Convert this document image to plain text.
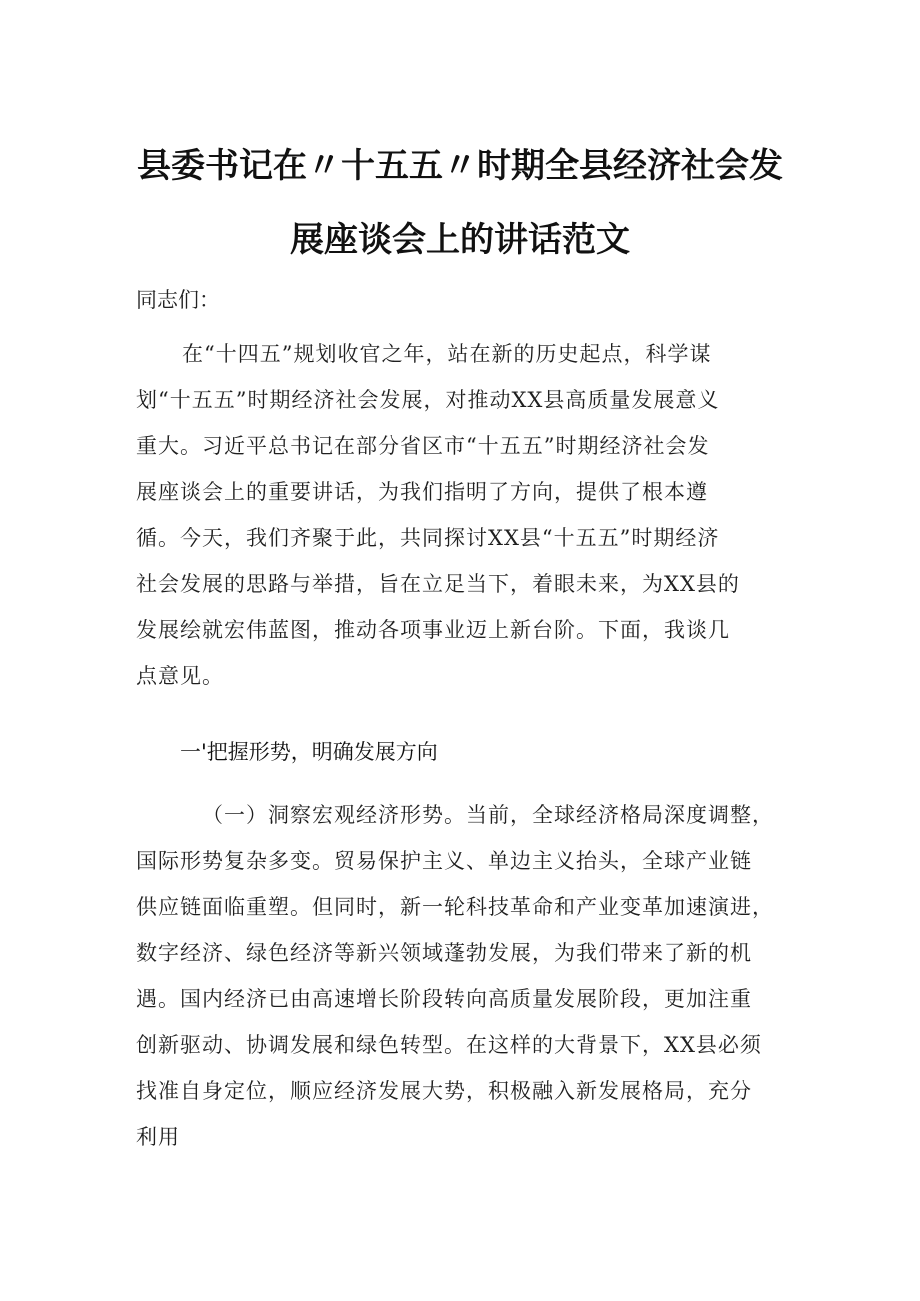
县委书记在〃十五五〃时期全县经济社会发
展座谈会上的讲话范文
同志们：
在“十四五”规划收官之年，站在新的历史起点，科学谋
划“十五五”时期经济社会发展，对推动XX县高质量发展意义
重大。习近平总书记在部分省区市“十五五”时期经济社会发
展座谈会上的重要讲话，为我们指明了方向，提供了根本遵
循。今天，我们齐聚于此，共同探讨XX县“十五五”时期经济
社会发展的思路与举措，旨在立足当下，着眼未来，为XX县的
发展绘就宏伟蓝图，推动各项事业迈上新台阶。下面，我谈几
点意见。
一'把握形势，明确发展方向
（一）洞察宏观经济形势。当前，全球经济格局深度调整，
国际形势复杂多变。贸易保护主义、单边主义抬头，全球产业链
供应链面临重塑。但同时，新一轮科技革命和产业变革加速演进，
数字经济、绿色经济等新兴领域蓬勃发展，为我们带来了新的机
遇。国内经济已由高速增长阶段转向高质量发展阶段，更加注重
创新驱动、协调发展和绿色转型。在这样的大背景下，XX县必须
找准自身定位，顺应经济发展大势，积极融入新发展格局，充分
利用
